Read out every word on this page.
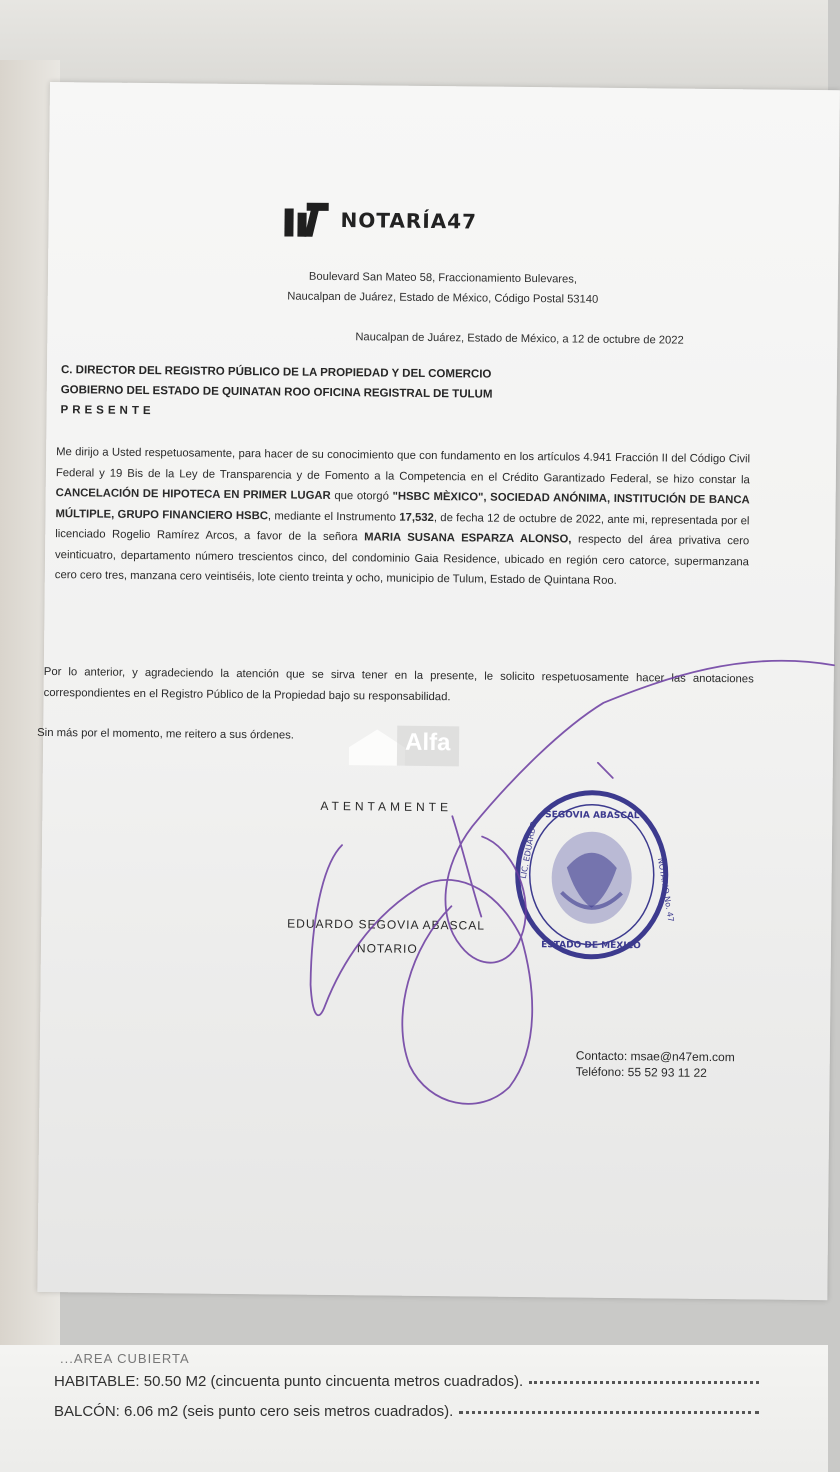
NOTARÍA47
Boulevard San Mateo 58, Fraccionamiento Bulevares,
Naucalpan de Juárez, Estado de México, Código Postal 53140
Naucalpan de Juárez, Estado de México, a 12 de octubre de 2022
C. DIRECTOR DEL REGISTRO PÚBLICO DE LA PROPIEDAD Y DEL COMERCIO
GOBIERNO DEL ESTADO DE QUINATAN ROO OFICINA REGISTRAL DE TULUM
PRESENTE
Me dirijo a Usted respetuosamente, para hacer de su conocimiento que con fundamento en los artículos 4.941 Fracción II del Código Civil Federal y 19 Bis de la Ley de Transparencia y de Fomento a la Competencia en el Crédito Garantizado Federal, se hizo constar la CANCELACIÓN DE HIPOTECA EN PRIMER LUGAR que otorgó "HSBC MÈXICO", SOCIEDAD ANÓNIMA, INSTITUCIÓN DE BANCA MÚLTIPLE, GRUPO FINANCIERO HSBC, mediante el Instrumento 17,532, de fecha 12 de octubre de 2022, ante mi, representada por el licenciado Rogelio Ramírez Arcos, a favor de la señora MARIA SUSANA ESPARZA ALONSO, respecto del área privativa cero veinticuatro, departamento número trescientos cinco, del condominio Gaia Residence, ubicado en región cero catorce, supermanzana cero cero tres, manzana cero veintiséis, lote ciento treinta y ocho, municipio de Tulum, Estado de Quintana Roo.
Por lo anterior, y agradeciendo la atención que se sirva tener en la presente, le solicito respetuosamente hacer las anotaciones correspondientes en el Registro Público de la Propiedad bajo su responsabilidad.
Sin más por el momento, me reitero a sus órdenes.	Alfa
ATENTAMENTE
EDUARDO SEGOVIA ABASCAL
NOTARIO
SEGOVIA ABASCAL
ESTADO DE MÉXICO
LIC. EDUARDO
NOTARIO No. 47
Contacto: msae@n47em.com
Teléfono: 55 52 93 11 22
...AREA CUBIERTA
HABITABLE: 50.50 M2 (cincuenta punto cincuenta metros cuadrados).
BALCÓN: 6.06 m2 (seis punto cero seis metros cuadrados).
